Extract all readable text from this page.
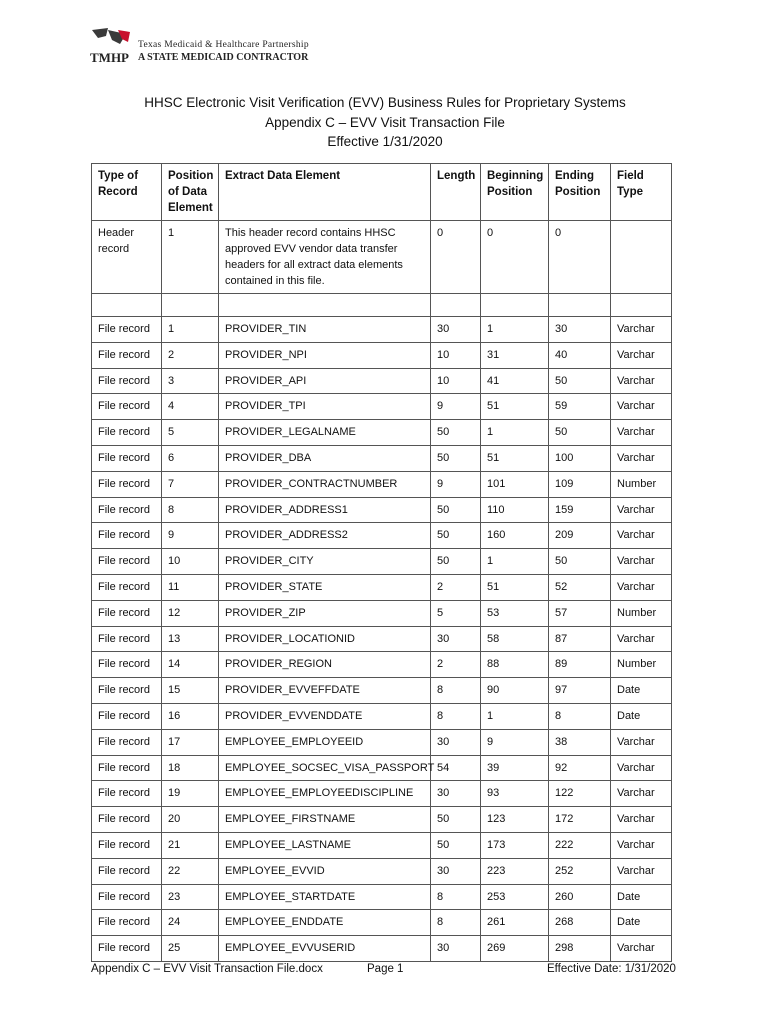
Texas Medicaid & Healthcare Partnership
TMHP A STATE MEDICAID CONTRACTOR
HHSC Electronic Visit Verification (EVV) Business Rules for Proprietary Systems
Appendix C – EVV Visit Transaction File
Effective 1/31/2020
Type of Record	Position of Data Element	Extract Data Element	Length	Beginning Position	Ending Position	Field Type
Header record	1	This header record contains HHSC approved EVV vendor data transfer headers for all extract data elements contained in this file.	0	0	0	

File record	1	PROVIDER_TIN	30	1	30	Varchar
File record	2	PROVIDER_NPI	10	31	40	Varchar
File record	3	PROVIDER_API	10	41	50	Varchar
File record	4	PROVIDER_TPI	9	51	59	Varchar
File record	5	PROVIDER_LEGALNAME	50	1	50	Varchar
File record	6	PROVIDER_DBA	50	51	100	Varchar
File record	7	PROVIDER_CONTRACTNUMBER	9	101	109	Number
File record	8	PROVIDER_ADDRESS1	50	110	159	Varchar
File record	9	PROVIDER_ADDRESS2	50	160	209	Varchar
File record	10	PROVIDER_CITY	50	1	50	Varchar
File record	11	PROVIDER_STATE	2	51	52	Varchar
File record	12	PROVIDER_ZIP	5	53	57	Number
File record	13	PROVIDER_LOCATIONID	30	58	87	Varchar
File record	14	PROVIDER_REGION	2	88	89	Number
File record	15	PROVIDER_EVVEFFDATE	8	90	97	Date
File record	16	PROVIDER_EVVENDDATE	8	1	8	Date
File record	17	EMPLOYEE_EMPLOYEEID	30	9	38	Varchar
File record	18	EMPLOYEE_SOCSEC_VISA_PASSPORT	54	39	92	Varchar
File record	19	EMPLOYEE_EMPLOYEEDISCIPLINE	30	93	122	Varchar
File record	20	EMPLOYEE_FIRSTNAME	50	123	172	Varchar
File record	21	EMPLOYEE_LASTNAME	50	173	222	Varchar
File record	22	EMPLOYEE_EVVID	30	223	252	Varchar
File record	23	EMPLOYEE_STARTDATE	8	253	260	Date
File record	24	EMPLOYEE_ENDDATE	8	261	268	Date
File record	25	EMPLOYEE_EVVUSERID	30	269	298	Varchar
Appendix C – EVV Visit Transaction File.docx	Page 1	Effective Date: 1/31/2020
